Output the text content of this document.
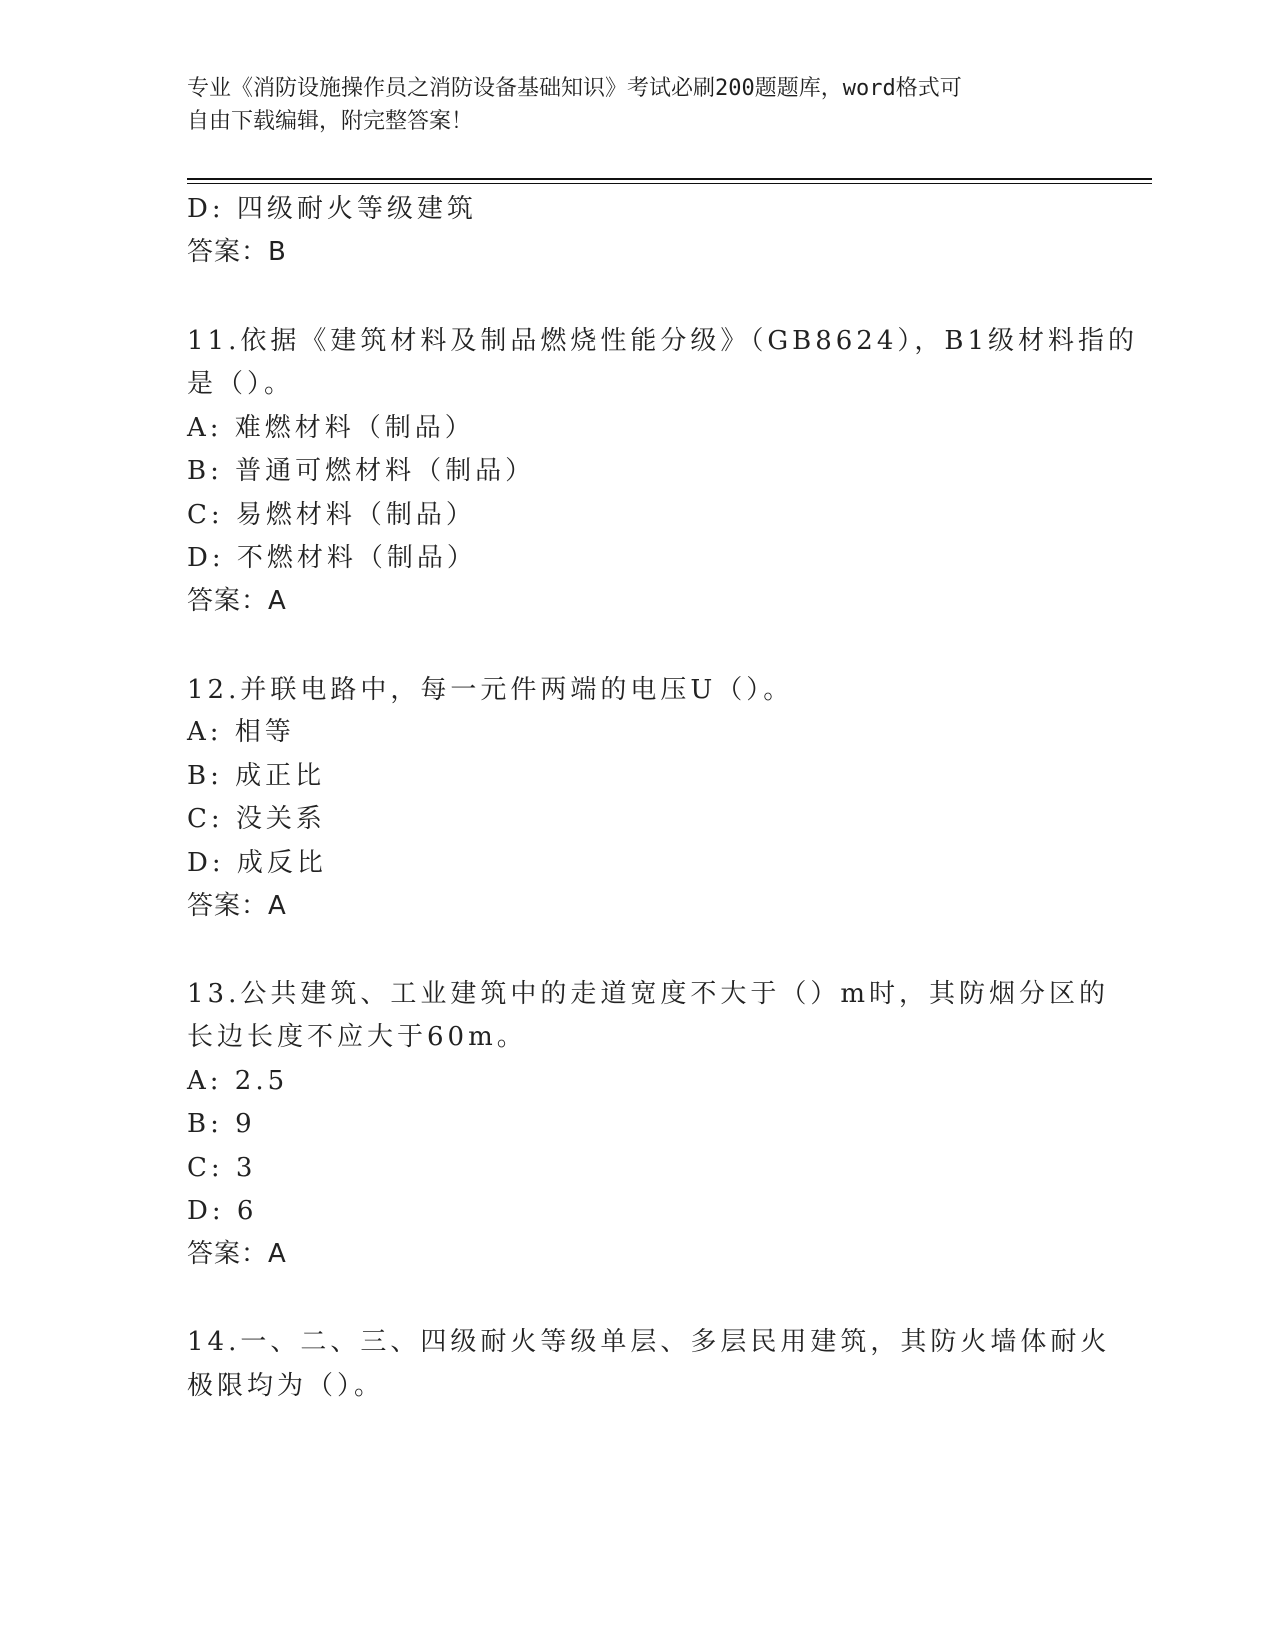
专业《消防设施操作员之消防设备基础知识》考试必刷200题题库，word格式可
自由下载编辑，附完整答案！
D: 四级耐火等级建筑
答案：B
11.依据《建筑材料及制品燃烧性能分级》（GB8624），B1级材料指的
是（）。
A: 难燃材料（制品）
B: 普通可燃材料（制品）
C: 易燃材料（制品）
D: 不燃材料（制品）
答案：A
12.并联电路中，每一元件两端的电压U（）。
A: 相等
B: 成正比
C: 没关系
D: 成反比
答案：A
13.公共建筑、工业建筑中的走道宽度不大于（）m时，其防烟分区的
长边长度不应大于60m。
A: 2.5
B: 9
C: 3
D: 6
答案：A
14.一、二、三、四级耐火等级单层、多层民用建筑，其防火墙体耐火
极限均为（）。
